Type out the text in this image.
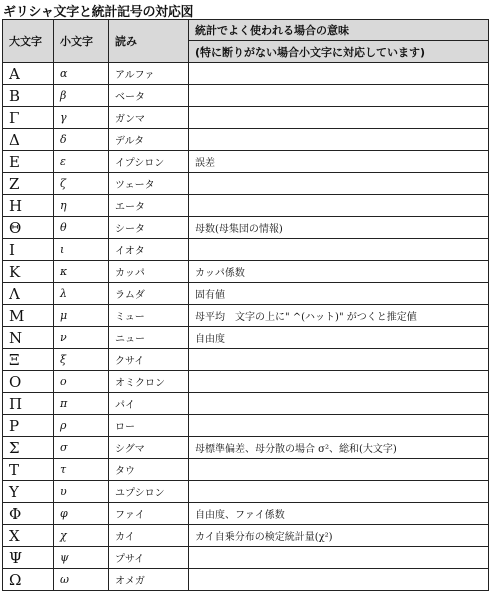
ギリシャ文字と統計記号の対応図
大文字	小文字	読み	統計でよく使われる場合の意味
			(特に断りがない場合小文字に対応しています)
Α	α	アルファ	
Β	β	ベータ	
Γ	γ	ガンマ	
Δ	δ	デルタ	
Ε	ε	イプシロン	誤差
Ζ	ζ	ツェータ	
Η	η	エータ	
Θ	θ	シータ	母数(母集団の情報)
Ι	ι	イオタ	
Κ	κ	カッパ	カッパ係数
Λ	λ	ラムダ	固有値
Μ	μ	ミュー	母平均　文字の上に" ^(ハット)" がつくと推定値
Ν	ν	ニュー	自由度
Ξ	ξ	クサイ	
Ο	ο	オミクロン	
Π	π	パイ	
Ρ	ρ	ロー	
Σ	σ	シグマ	母標準偏差、母分散の場合 σ²、総和(大文字)
Τ	τ	タウ	
Υ	υ	ユプシロン	
Φ	φ	ファイ	自由度、ファイ係数
Χ	χ	カイ	カイ自乗分布の検定統計量(χ²)
Ψ	ψ	プサイ	
Ω	ω	オメガ	
